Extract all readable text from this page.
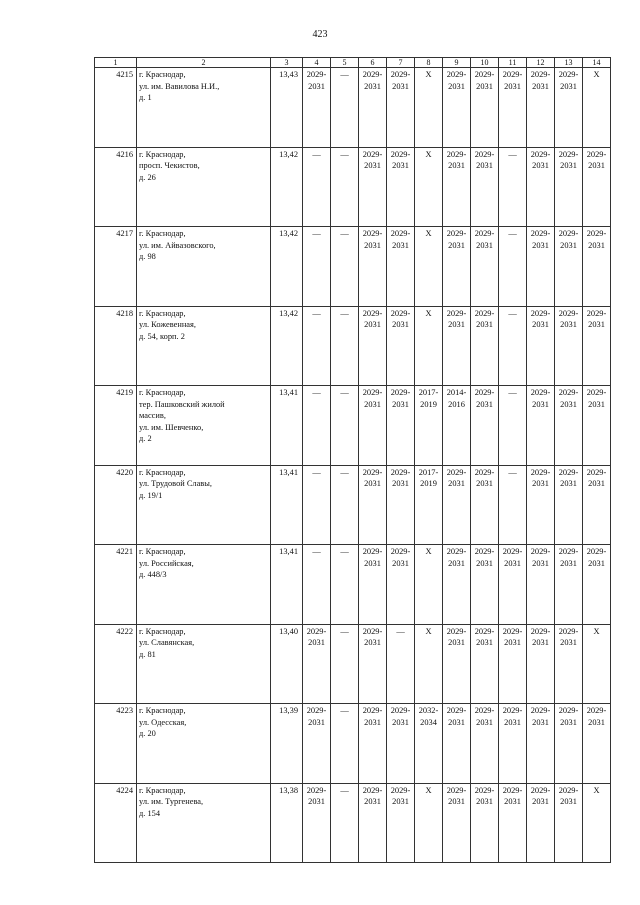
423
1	2	3	4	5	6	7	8	9	10	11	12	13	14
4215	г. Краснодар,
ул. им. Вавилова Н.И.,
д. 1	13,43	2029-
2031	—	2029-
2031	2029-
2031	X	2029-
2031	2029-
2031	2029-
2031	2029-
2031	2029-
2031	X

4216	г. Краснодар,
просп. Чекистов,
д. 26	13,42	—	—	2029-
2031	2029-
2031	X	2029-
2031	2029-
2031	—	2029-
2031	2029-
2031	2029-
2031

4217	г. Краснодар,
ул. им. Айвазовского,
д. 98	13,42	—	—	2029-
2031	2029-
2031	X	2029-
2031	2029-
2031	—	2029-
2031	2029-
2031	2029-
2031

4218	г. Краснодар,
ул. Кожевенная,
д. 54, корп. 2	13,42	—	—	2029-
2031	2029-
2031	X	2029-
2031	2029-
2031	—	2029-
2031	2029-
2031	2029-
2031

4219	г. Краснодар,
тер. Пашковский жилой
массив,
ул. им. Шевченко,
д. 2	13,41	—	—	2029-
2031	2029-
2031	2017-
2019	2014-
2016	2029-
2031	—	2029-
2031	2029-
2031	2029-
2031

4220	г. Краснодар,
ул. Трудовой Славы,
д. 19/1	13,41	—	—	2029-
2031	2029-
2031	2017-
2019	2029-
2031	2029-
2031	—	2029-
2031	2029-
2031	2029-
2031

4221	г. Краснодар,
ул. Российская,
д. 448/3	13,41	—	—	2029-
2031	2029-
2031	X	2029-
2031	2029-
2031	2029-
2031	2029-
2031	2029-
2031	2029-
2031

4222	г. Краснодар,
ул. Славянская,
д. 81	13,40	2029-
2031	—	2029-
2031	—	X	2029-
2031	2029-
2031	2029-
2031	2029-
2031	2029-
2031	X

4223	г. Краснодар,
ул. Одесская,
д. 20	13,39	2029-
2031	—	2029-
2031	2029-
2031	2032-
2034	2029-
2031	2029-
2031	2029-
2031	2029-
2031	2029-
2031	2029-
2031

4224	г. Краснодар,
ул. им. Тургенева,
д. 154	13,38	2029-
2031	—	2029-
2031	2029-
2031	X	2029-
2031	2029-
2031	2029-
2031	2029-
2031	2029-
2031	X
